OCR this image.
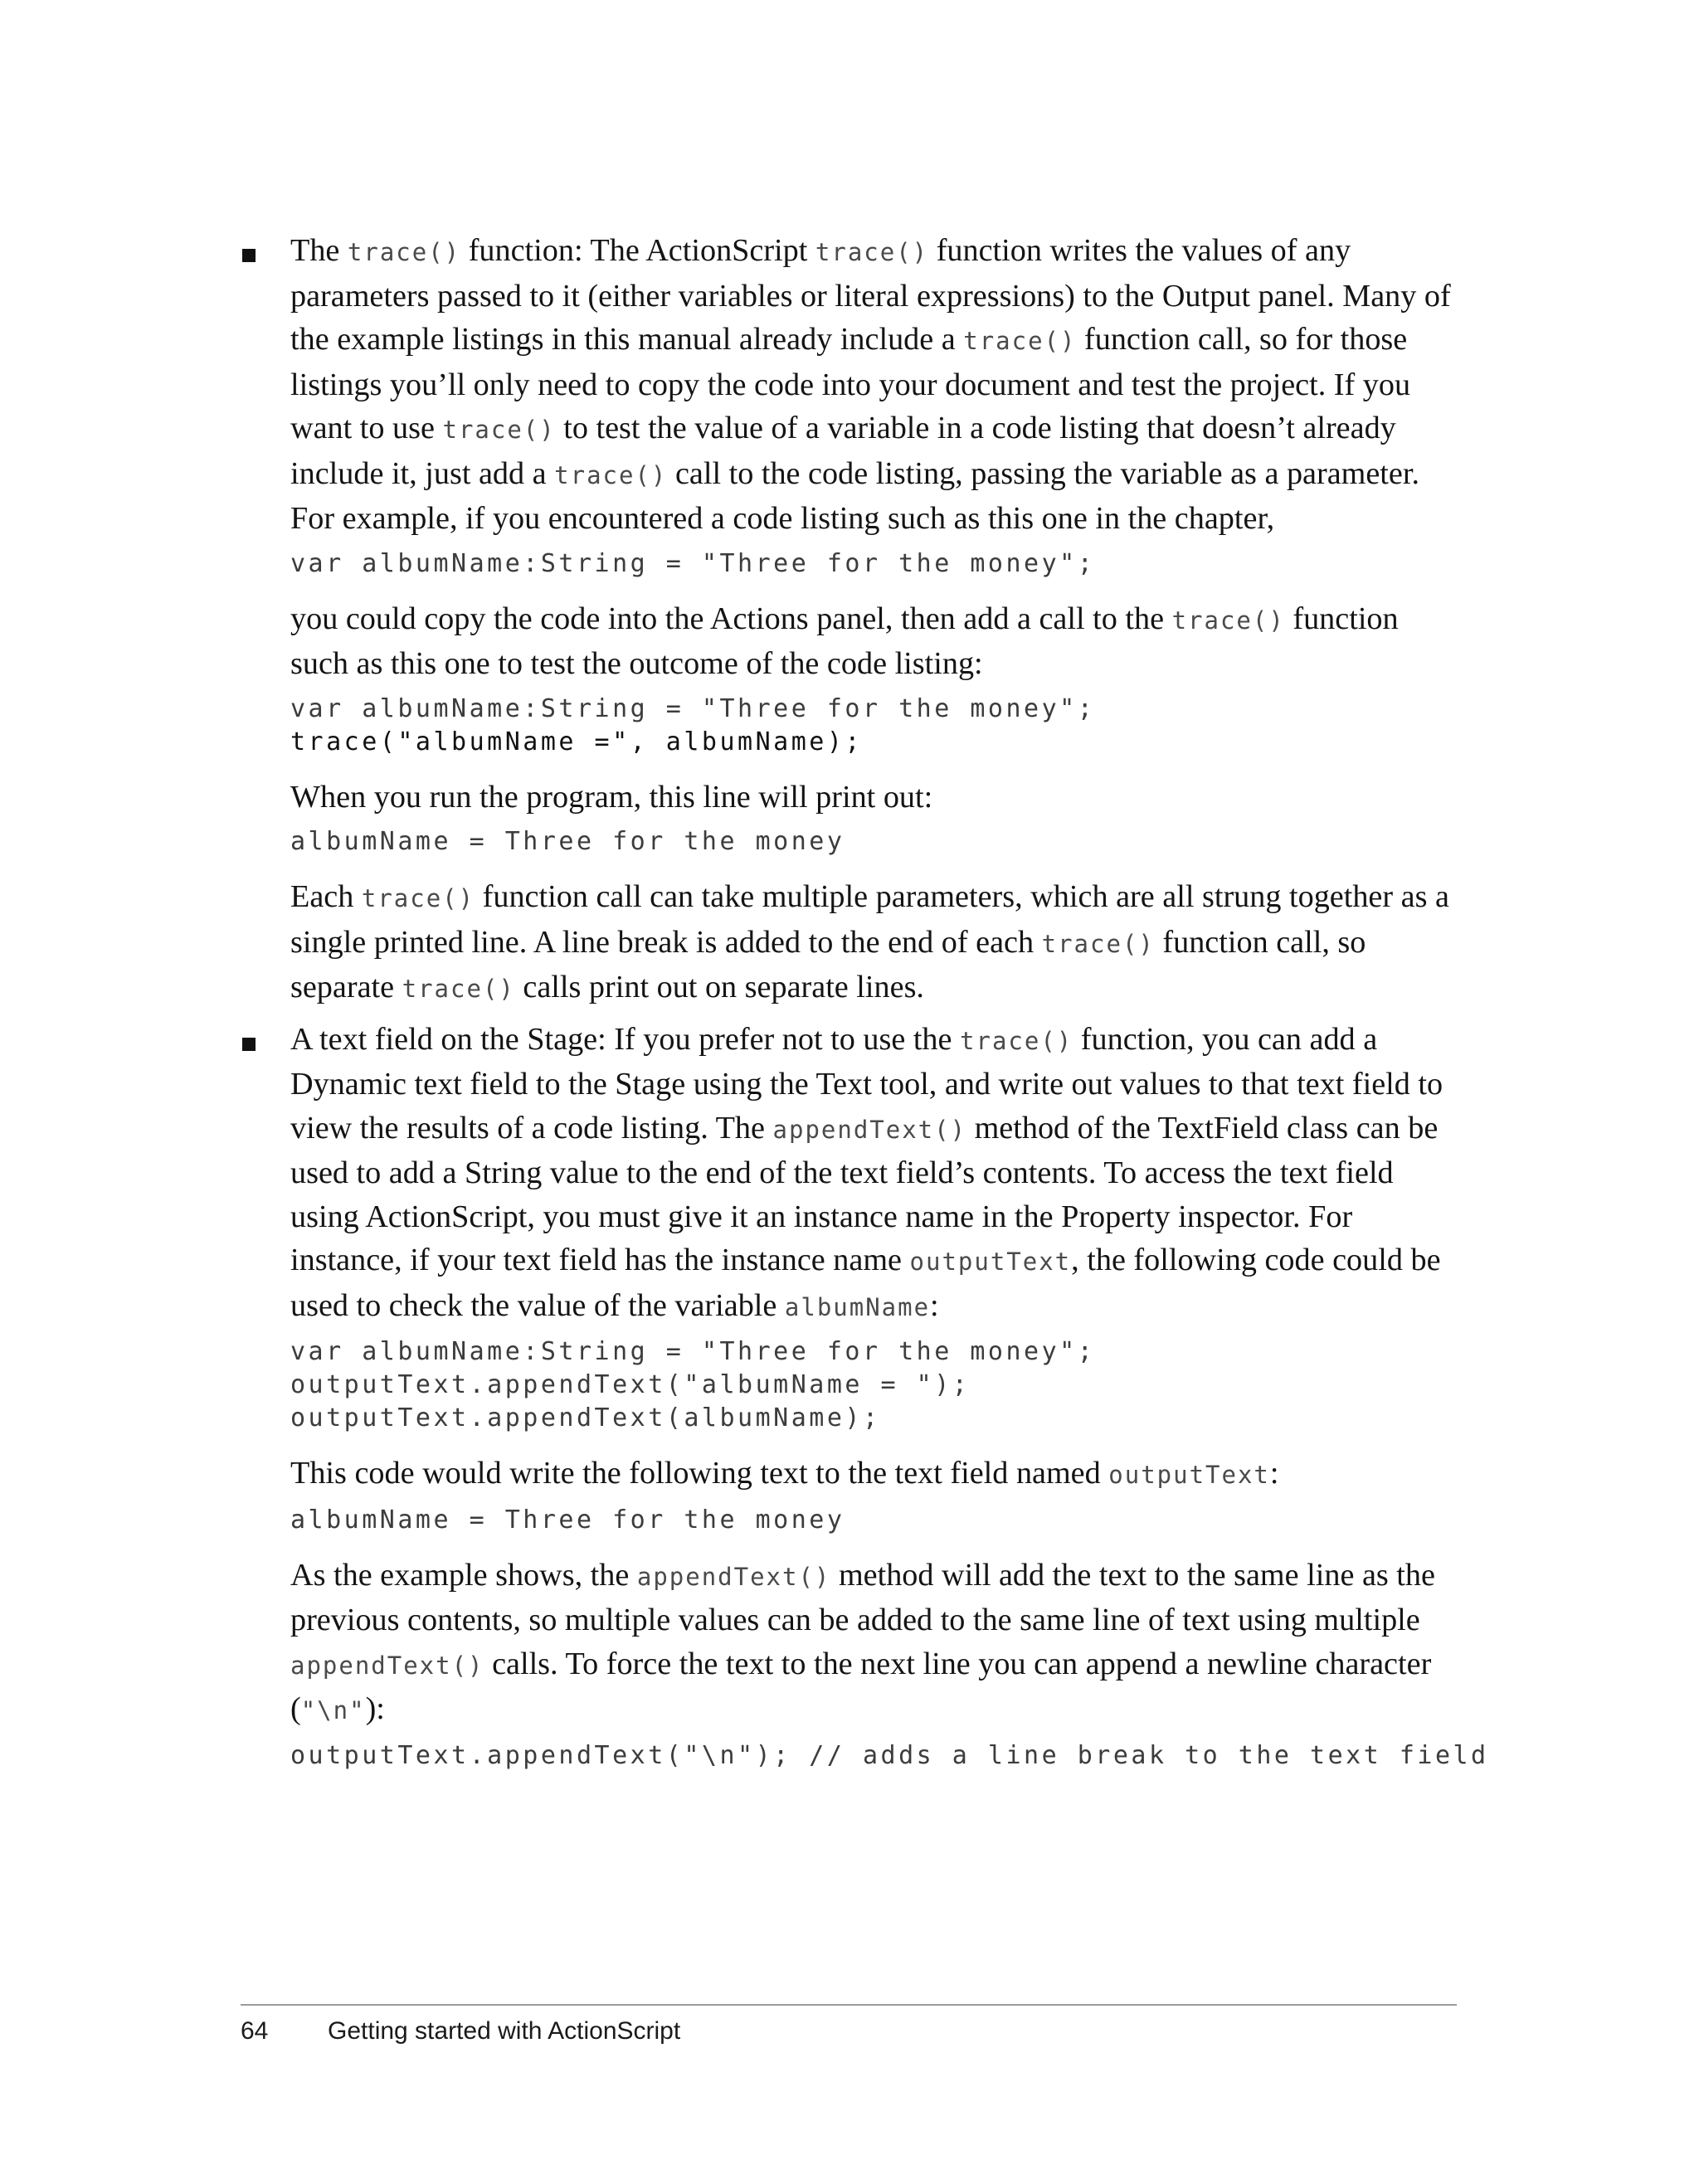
The trace() function: The ActionScript trace() function writes the values of any parameters passed to it (either variables or literal expressions) to the Output panel. Many of the example listings in this manual already include a trace() function call, so for those listings you’ll only need to copy the code into your document and test the project. If you want to use trace() to test the value of a variable in a code listing that doesn’t already include it, just add a trace() call to the code listing, passing the variable as a parameter. For example, if you encountered a code listing such as this one in the chapter,

var albumName:String = "Three for the money";

you could copy the code into the Actions panel, then add a call to the trace() function such as this one to test the outcome of the code listing:

var albumName:String = "Three for the money";
trace("albumName =", albumName);

When you run the program, this line will print out:

albumName = Three for the money

Each trace() function call can take multiple parameters, which are all strung together as a single printed line. A line break is added to the end of each trace() function call, so separate trace() calls print out on separate lines.

A text field on the Stage: If you prefer not to use the trace() function, you can add a Dynamic text field to the Stage using the Text tool, and write out values to that text field to view the results of a code listing. The appendText() method of the TextField class can be used to add a String value to the end of the text field’s contents. To access the text field using ActionScript, you must give it an instance name in the Property inspector. For instance, if your text field has the instance name outputText, the following code could be used to check the value of the variable albumName:

var albumName:String = "Three for the money";
outputText.appendText("albumName = ");
outputText.appendText(albumName);

This code would write the following text to the text field named outputText:

albumName = Three for the money

As the example shows, the appendText() method will add the text to the same line as the previous contents, so multiple values can be added to the same line of text using multiple appendText() calls. To force the text to the next line you can append a newline character ("\n"):

outputText.appendText("\n"); // adds a line break to the text field
64 Getting started with ActionScript
